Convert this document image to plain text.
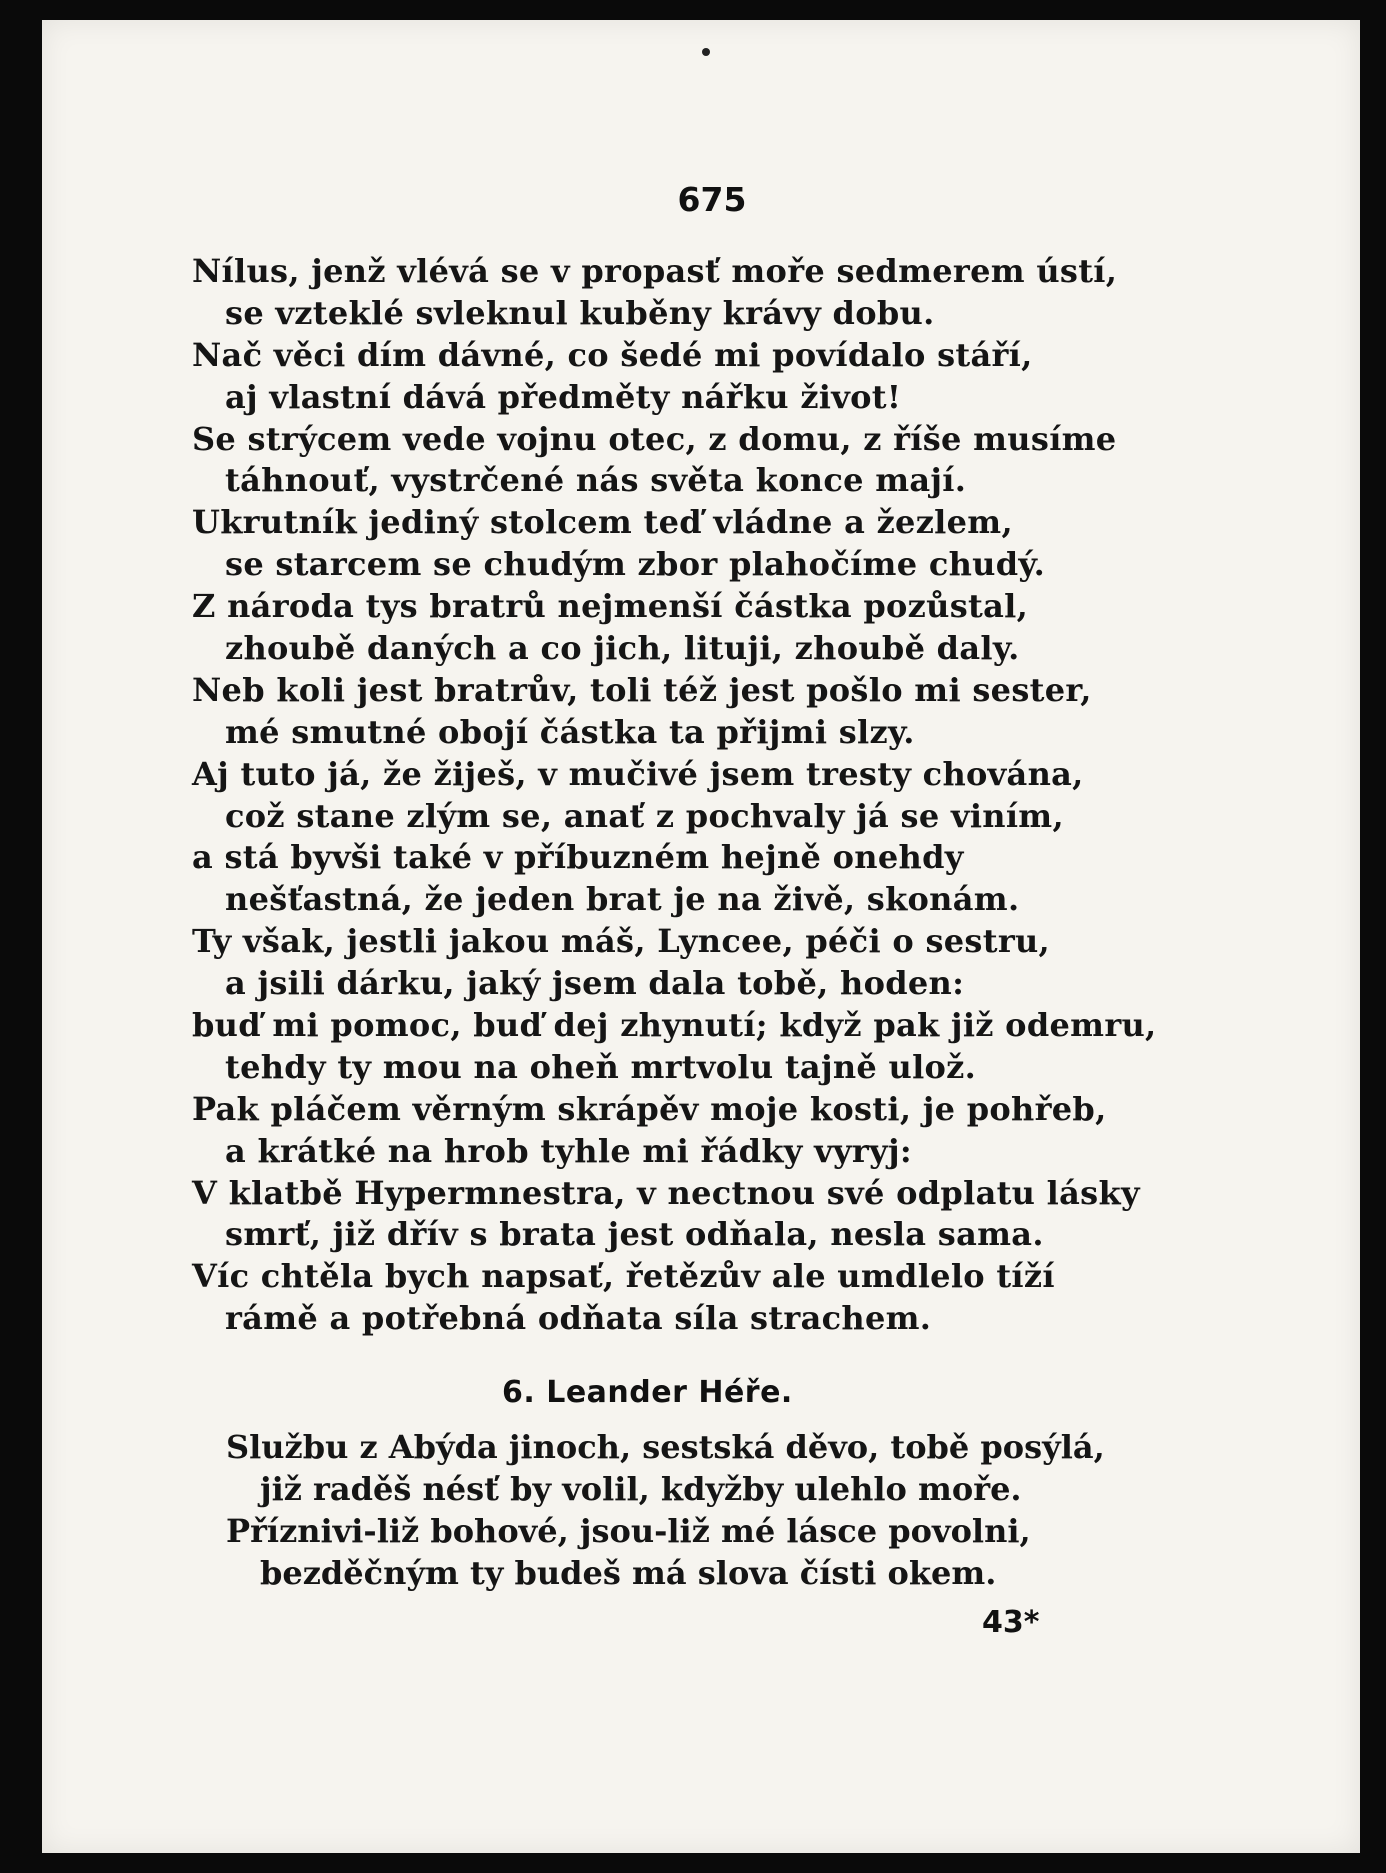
675
Nílus, jenž vlévá se v propasť moře sedmerem ústí,
se vzteklé svleknul kuběny krávy dobu.
Nač věci dím dávné, co šedé mi povídalo stáří,
aj vlastní dává předměty nářku život!
Se strýcem vede vojnu otec, z domu, z říše musíme
táhnouť, vystrčené nás světa konce mají.
Ukrutník jediný stolcem teď vládne a žezlem,
se starcem se chudým zbor plahočíme chudý.
Z národa tys bratrů nejmenší částka pozůstal,
zhoubě daných a co jich, lituji, zhoubě daly.
Neb koli jest bratrův, toli též jest pošlo mi sester,
mé smutné obojí částka ta přijmi slzy.
Aj tuto já, že žiješ, v mučivé jsem tresty chována,
což stane zlým se, anať z pochvaly já se viním,
a stá byvši také v příbuzném hejně onehdy
nešťastná, že jeden brat je na živě, skonám.
Ty však, jestli jakou máš, Lyncee, péči o sestru,
a jsili dárku, jaký jsem dala tobě, hoden:
buď mi pomoc, buď dej zhynutí; když pak již odemru,
tehdy ty mou na oheň mrtvolu tajně ulož.
Pak pláčem věrným skrápěv moje kosti, je pohřeb,
a krátké na hrob tyhle mi řádky vyryj:
V klatbě Hypermnestra, v nectnou své odplatu lásky
smrť, již dřív s brata jest odňala, nesla sama.
Víc chtěla bych napsať, řetězův ale umdlelo tíží
rámě a potřebná odňata síla strachem.
6. Leander Héře.
Službu z Abýda jinoch, sestská děvo, tobě posýlá,
již raděš nésť by volil, kdyžby ulehlo moře.
Příznivi-liž bohové, jsou-liž mé lásce povolni,
bezděčným ty budeš má slova čísti okem.
43*
